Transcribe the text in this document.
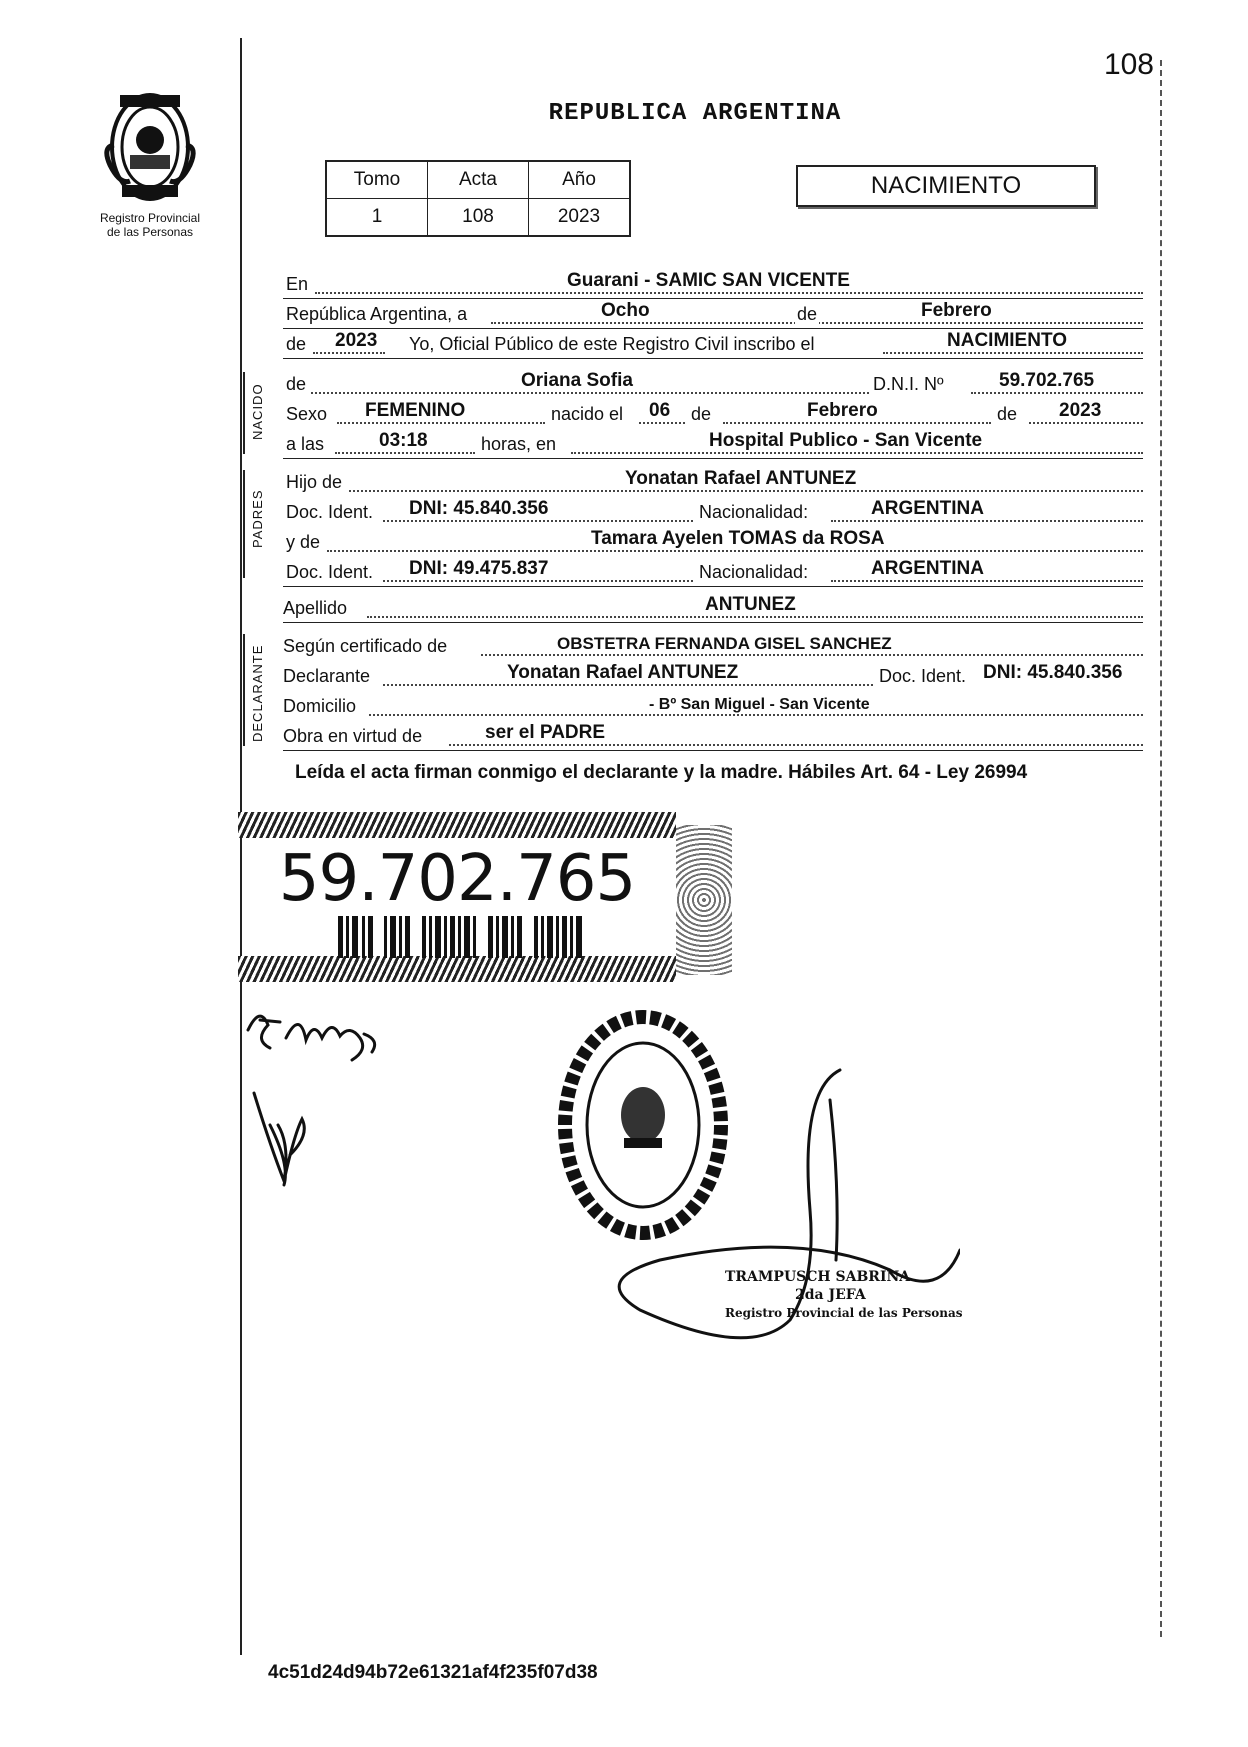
108
REPUBLICA ARGENTINA
Registro Provincial
de las Personas
Tomo	Acta	Año
1	108	2023
NACIMIENTO
En	Guarani - SAMIC SAN VICENTE
República Argentina, a	Ocho	de	Febrero
de 2023 Yo, Oficial Público de este Registro Civil inscribo el	NACIMIENTO
NACIDO de	Oriana Sofia	D.N.I. Nº	59.702.765
Sexo FEMENINO	nacido el 06 de	Febrero	de 2023
a las	03:18	horas, en	Hospital Publico - San Vicente
PADRES
Hijo de	Yonatan Rafael ANTUNEZ
Doc. Ident. DNI: 45.840.356	Nacionalidad:	ARGENTINA
y de	Tamara Ayelen TOMAS da ROSA
Doc. Ident. DNI: 49.475.837	Nacionalidad:	ARGENTINA
Apellido	ANTUNEZ
DECLARANTE Según certificado de	OBSTETRA FERNANDA GISEL SANCHEZ
Declarante	Yonatan Rafael ANTUNEZ	Doc. Ident. DNI: 45.840.356
Domicilio	- Bº San Miguel - San Vicente
Obra en virtud de	ser el PADRE
Leída el acta firman conmigo el declarante y la madre. Hábiles Art. 64 - Ley 26994
59.702.765
TRAMPUSCH SABRINA
2da JEFA
Registro Provincial de las Personas
4c51d24d94b72e61321af4f235f07d38
